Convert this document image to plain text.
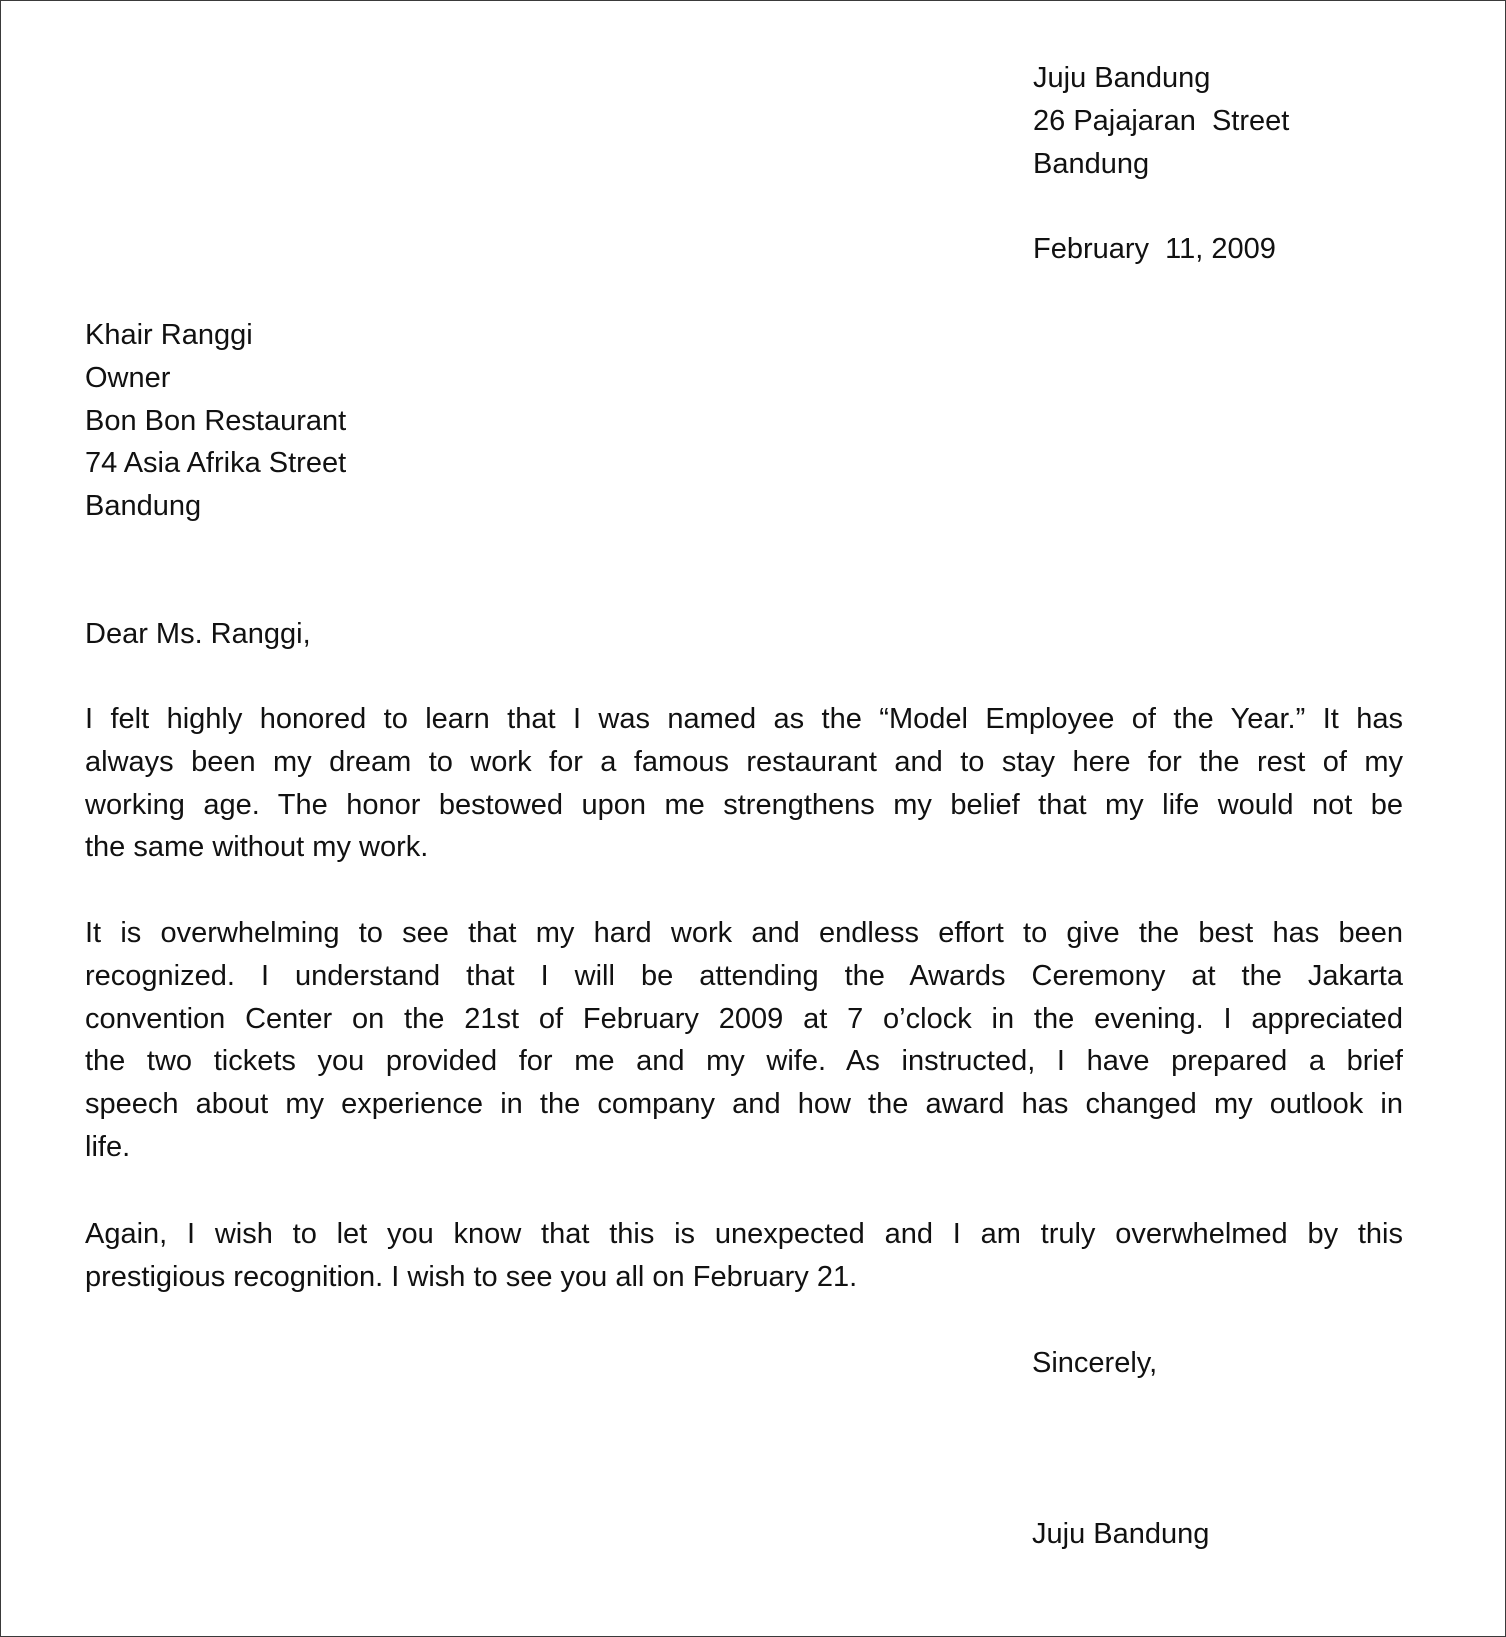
Juju Bandung
26 Pajajaran  Street
Bandung
February  11, 2009
Khair Ranggi
Owner
Bon Bon Restaurant
74 Asia Afrika Street
Bandung
Dear Ms. Ranggi,
I felt highly honored to learn that I was named as the “Model Employee of the Year.” It has
always been my dream to work for a famous restaurant and to stay here for the rest of my
working age. The honor bestowed upon me strengthens my belief that my life would not be
the same without my work.
It is overwhelming to see that my hard work and endless effort to give the best has been
recognized. I understand that I will be attending the Awards Ceremony at the Jakarta
convention Center on the 21st of February 2009 at 7 o’clock in the evening. I appreciated
the two tickets you provided for me and my wife. As instructed, I have prepared a brief
speech about my experience in the company and how the award has changed my outlook in
life.
Again, I wish to let you know that this is unexpected and I am truly overwhelmed by this
prestigious recognition. I wish to see you all on February 21.
Sincerely,
Juju Bandung
